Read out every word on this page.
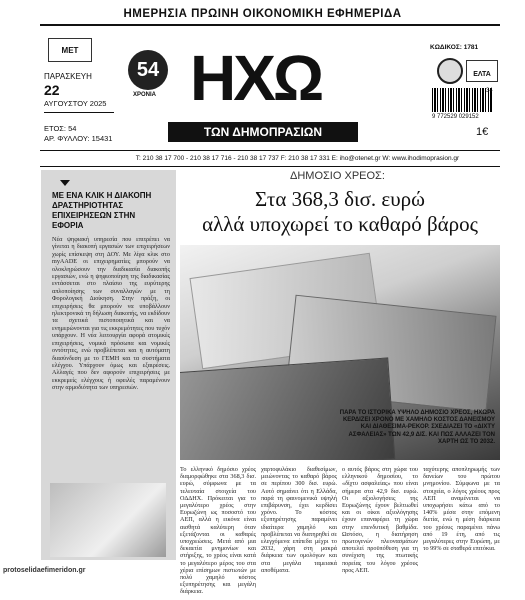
ΗΜΕΡΗΣΙΑ ΠΡΩΙΝΗ ΟΙΚΟΝΟΜΙΚΗ ΕΦΗΜΕΡΙΔΑ
ΜΕΤ
ΠΑΡΑΣΚΕΥΗ
22
ΑΥΓΟΥΣΤΟΥ 2025
ΕΤΟΣ: 54
ΑΡ. ΦΥΛΛΟΥ: 15431
54
ΧΡΟΝΙΑ ΗΧΩ
ΤΩΝ ΔΗΜΟΠΡΑΣΙΩΝ
ΚΩΔΙΚΟΣ: 1781
ΕΛΤΑ
34
9 772529 029152
1€
Τ: 210 38 17 700 - 210 38 17 716 - 210 38 17 737 F: 210 38 17 331 E: iho@otenet.gr W: www.ihodimoprasion.gr
ΜΕ ΕΝΑ ΚΛΙΚ Η ΔΙΑΚΟΠΗ ΔΡΑΣΤΗΡΙΟΤΗΤΑΣ ΕΠΙΧΕΙΡΗΣΕΩΝ ΣΤΗΝ ΕΦΟΡΙΑ
Νέα ψηφιακή υπηρεσία που επιτρέπει να γίνεται η διακοπή εργασιών των επιχειρήσεων χωρίς επίσκεψη στη ΔΟΥ. Με λίγα κλικ στο myAADE οι επιχειρηματίες μπορούν να ολοκληρώσουν την διαδικασία διακοπής εργασιών, ενώ η ψηφιοποίηση της διαδικασίας εντάσσεται στο πλαίσιο της ευρύτερης απλοποίησης των συναλλαγών με τη Φορολογική Διοίκηση. Στην πράξη, οι επιχειρήσεις θα μπορούν να υποβάλλουν ηλεκτρονικά τη δήλωση διακοπής, να εκδίδουν τα σχετικά πιστοποιητικά και να ενημερώνονται για τις εκκρεμότητες που τυχόν υπάρχουν. Η νέα λειτουργία αφορά ατομικές επιχειρήσεις, νομικά πρόσωπα και νομικές οντότητες, ενώ προβλέπεται και η αυτόματη διασύνδεση με το ΓΕΜΗ και τα συστήματα ελέγχου. Υπάρχουν όμως και εξαιρέσεις. Αλλαγές που δεν αφορούν επιχειρήσεις με εκκρεμείς ελέγχους ή οφειλές παραμένουν στην αρμοδιότητα των υπηρεσιών.
ΔΗΜΟΣΙΟ ΧΡΕΟΣ:
Στα 368,3 δισ. ευρώ
αλλά υποχωρεί το καθαρό βάρος
ΠΑΡΑ ΤΟ ΙΣΤΟΡΙΚΑ ΥΨΗΛΟ ΔΗΜΟΣΙΟ ΧΡΕΟΣ, ΗΧΩΡΑ ΚΕΡΔΙΖΕΙ ΧΡΟΝΟ ΜΕ ΧΑΜΗΛΟ ΚΟΣΤΟΣ ΔΑΝΕΙΣΜΟΥ ΚΑΙ ΔΙΑΘΕΣΙΜΑ-ΡΕΚΟΡ. ΣΧΕΔΙΑΖΕΙ ΤΟ «ΔΙΧΤΥ ΑΣΦΑΛΕΙΑΣ» ΤΩΝ 42,9 ΔΙΣ. ΚΑΙ ΠΩΣ ΑΛΛΑΖΕΙ ΤΟΝ ΧΑΡΤΗ ΩΣ ΤΟ 2032.
Το ελληνικό δημόσιο χρέος διαμορφώθηκε στα 368,3 δισ. ευρώ, σύμφωνα με τα τελευταία στοιχεία του ΟΔΔΗΧ. Πρόκειται για το μεγαλύτερο χρέος στην Ευρωζώνη ως ποσοστό του ΑΕΠ, αλλά η εικόνα είναι αισθητά καλύτερη όταν εξετάζονται οι καθαρές υποχρεώσεις. Μετά από μια δεκαετία μνημονίων και στήριξης, το χρέος είναι κατά το μεγαλύτερο μέρος του στα χέρια επίσημων πιστωτών με πολύ χαμηλό κόστος εξυπηρέτησης και μεγάλη διάρκεια.
χαρτοφυλάκιο διαθεσίμων, μειώνοντας το καθαρό βάρος σε περίπου 300 δισ. ευρώ. Αυτό σημαίνει ότι η Ελλάδα, παρά τη φαινομενικά υψηλή επιβάρυνση, έχει κερδίσει χρόνο. Το κόστος εξυπηρέτησης παραμένει ιδιαίτερα χαμηλό και προβλέπεται να διατηρηθεί σε ελεγχόμενα επίπεδα μέχρι το 2032, χάρη στη μακρά διάρκεια των ομολόγων και στα μεγάλα ταμειακά αποθέματα.
ο αυτός βάρος στη χώρα του ελληνικού δημοσίου, το «δίχτυ ασφαλείας» που είναι σήμερα στα 42,9 δισ. ευρώ. Οι αξιολογήσεις της Ευρωζώνης έχουν βελτιωθεί και οι οίκοι αξιολόγησης έχουν επαναφέρει τη χώρα στην επενδυτική βαθμίδα. Ωστόσο, η διατήρηση πρωτογενών πλεονασμάτων αποτελεί προϋπόθεση για τη συνέχιση της πτωτικής πορείας του λόγου χρέους προς ΑΕΠ.
ταχύτερης αποπληρωμής των δανείων του πρώτου μνημονίου. Σύμφωνα με τα στοιχεία, ο λόγος χρέους προς ΑΕΠ αναμένεται να υποχωρήσει κάτω από το 140% μέσα στην επόμενη διετία, ενώ η μέση διάρκεια του χρέους παραμένει πάνω από 19 έτη, από τις μεγαλύτερες στην Ευρώπη, με το 99% σε σταθερά επιτόκια.
protoselidaefimeridon.gr
